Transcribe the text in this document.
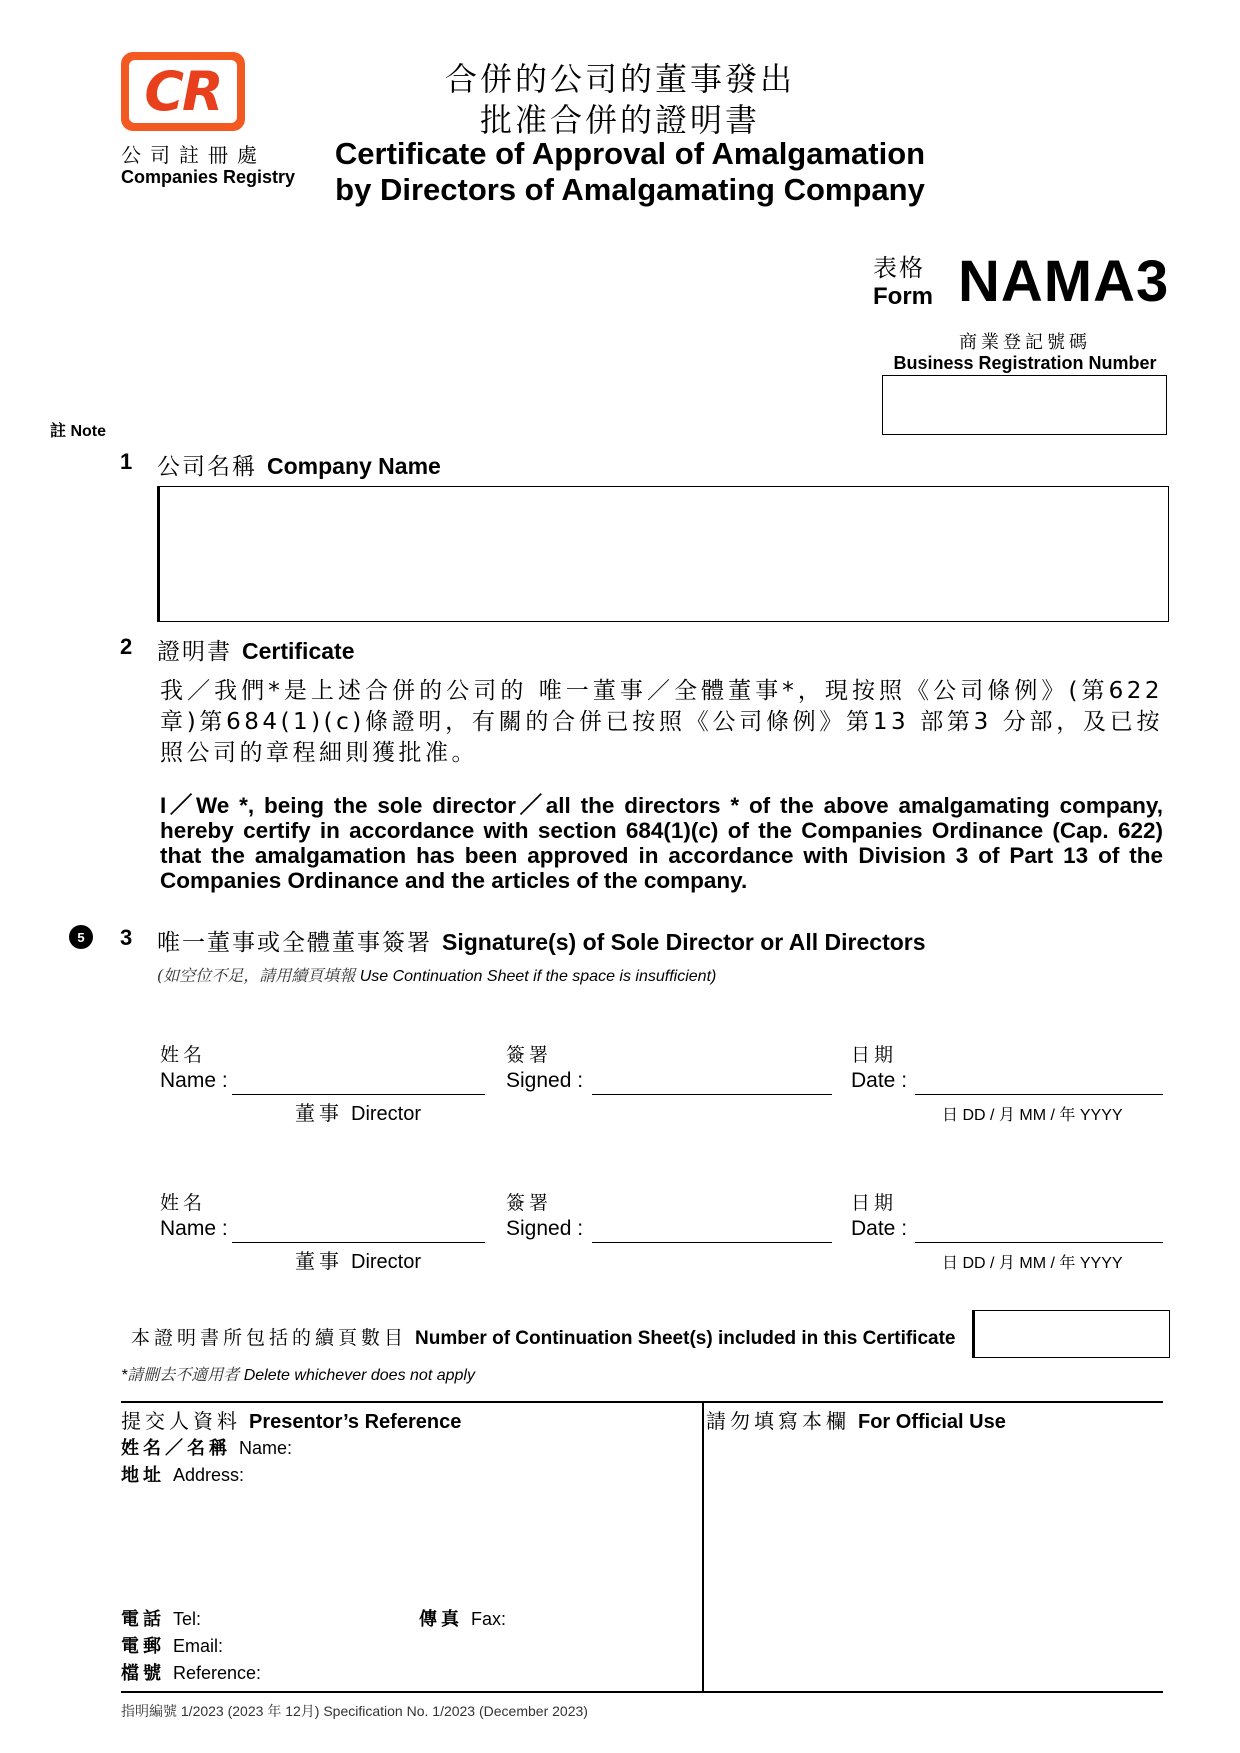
CR
公司註冊處
Companies Registry
合併的公司的董事發出
批准合併的證明書
Certificate of Approval of Amalgamation
by Directors of Amalgamating Company
表格
Form NAMA3
商業登記號碼
Business Registration Number
註 Note
1 公司名稱 Company Name
2 證明書 Certificate
我／我們*是上述合併的公司的 唯一董事／全體董事*，現按照《公司條例》(第622章)第684(1)(c)條證明，有關的合併已按照《公司條例》第13 部第3 分部，及已按照公司的章程細則獲批准。
I／We *, being the sole director／all the directors * of the above amalgamating company, hereby certify in accordance with section 684(1)(c) of the Companies Ordinance (Cap. 622) that the amalgamation has been approved in accordance with Division 3 of Part 13 of the Companies Ordinance and the articles of the company.
5	3 唯一董事或全體董事簽署 Signature(s) of Sole Director or All Directors
(如空位不足，請用續頁填報 Use Continuation Sheet if the space is insufficient)
姓名
Name :
董事 Director
簽署
Signed :
日期
Date :
日 DD / 月 MM / 年 YYYY
姓名
Name :
董事 Director
簽署
Signed :
日期
Date :
日 DD / 月 MM / 年 YYYY
本證明書所包括的續頁數目 Number of Continuation Sheet(s) included in this Certificate
*請刪去不適用者 Delete whichever does not apply
提交人資料 Presentor’s Reference
姓名／名稱 Name:
地址 Address:
電話 Tel:	傳真 Fax:
電郵 Email:
檔號 Reference:
請勿填寫本欄 For Official Use
指明編號 1/2023 (2023 年 12月) Specification No. 1/2023 (December 2023)
